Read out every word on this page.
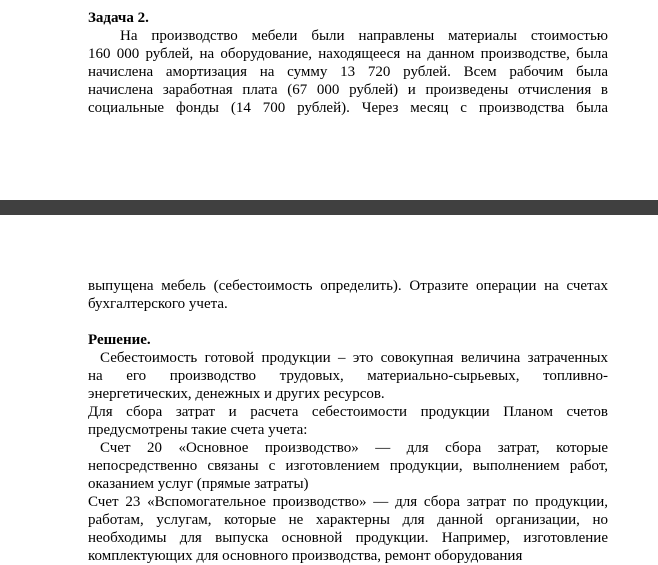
Задача 2.
На производство мебели были направлены материалы стоимостью
160 000 рублей, на оборудование, находящееся на данном производстве, была
начислена амортизация на сумму 13 720 рублей. Всем рабочим была
начислена заработная плата (67 000 рублей) и произведены отчисления в
социальные фонды (14 700 рублей). Через месяц с производства была
выпущена мебель (себестоимость определить). Отразите операции на счетах
бухгалтерского учета.
Решение.
Себестоимость готовой продукции – это совокупная величина затраченных
на его производство трудовых, материально-сырьевых, топливно-
энергетических, денежных и других ресурсов.
Для сбора затрат и расчета себестоимости продукции Планом счетов
предусмотрены такие счета учета:
Счет 20 «Основное производство» — для сбора затрат, которые
непосредственно связаны с изготовлением продукции, выполнением работ,
оказанием услуг (прямые затраты)
Счет 23 «Вспомогательное производство» — для сбора затрат по продукции,
работам, услугам, которые не характерны для данной организации, но
необходимы для выпуска основной продукции. Например, изготовление
комплектующих для основного производства, ремонт оборудования
